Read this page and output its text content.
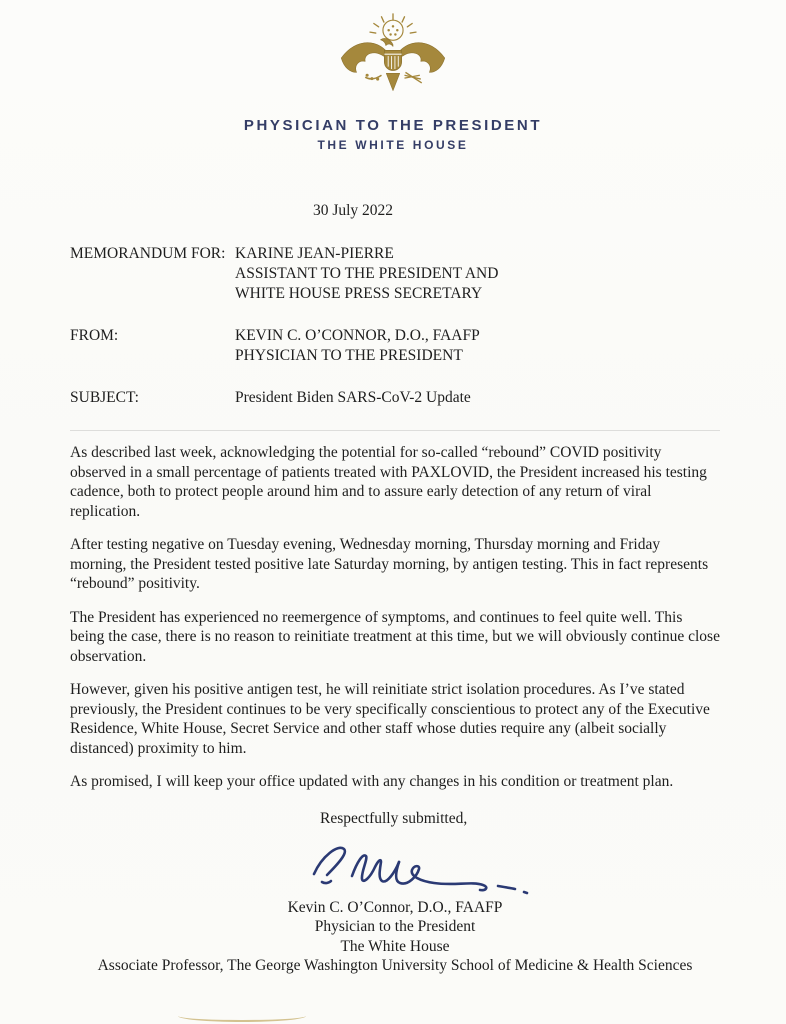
PHYSICIAN TO THE PRESIDENT
THE WHITE HOUSE
30 July 2022
MEMORANDUM FOR: KARINE JEAN-PIERRE
ASSISTANT TO THE PRESIDENT AND
WHITE HOUSE PRESS SECRETARY
FROM:	KEVIN C. O’CONNOR, D.O., FAAFP
PHYSICIAN TO THE PRESIDENT
SUBJECT:	President Biden SARS-CoV-2 Update

As described last week, acknowledging the potential for so-called “rebound” COVID positivity observed in a small percentage of patients treated with PAXLOVID, the President increased his testing cadence, both to protect people around him and to assure early detection of any return of viral replication.

After testing negative on Tuesday evening, Wednesday morning, Thursday morning and Friday morning, the President tested positive late Saturday morning, by antigen testing. This in fact represents “rebound” positivity.

The President has experienced no reemergence of symptoms, and continues to feel quite well. This being the case, there is no reason to reinitiate treatment at this time, but we will obviously continue close observation.

However, given his positive antigen test, he will reinitiate strict isolation procedures. As I’ve stated previously, the President continues to be very specifically conscientious to protect any of the Executive Residence, White House, Secret Service and other staff whose duties require any (albeit socially distanced) proximity to him.

As promised, I will keep your office updated with any changes in his condition or treatment plan.

Respectfully submitted,
Kevin C. O’Connor, D.O., FAAFP
Physician to the President
The White House
Associate Professor, The George Washington University School of Medicine & Health Sciences
